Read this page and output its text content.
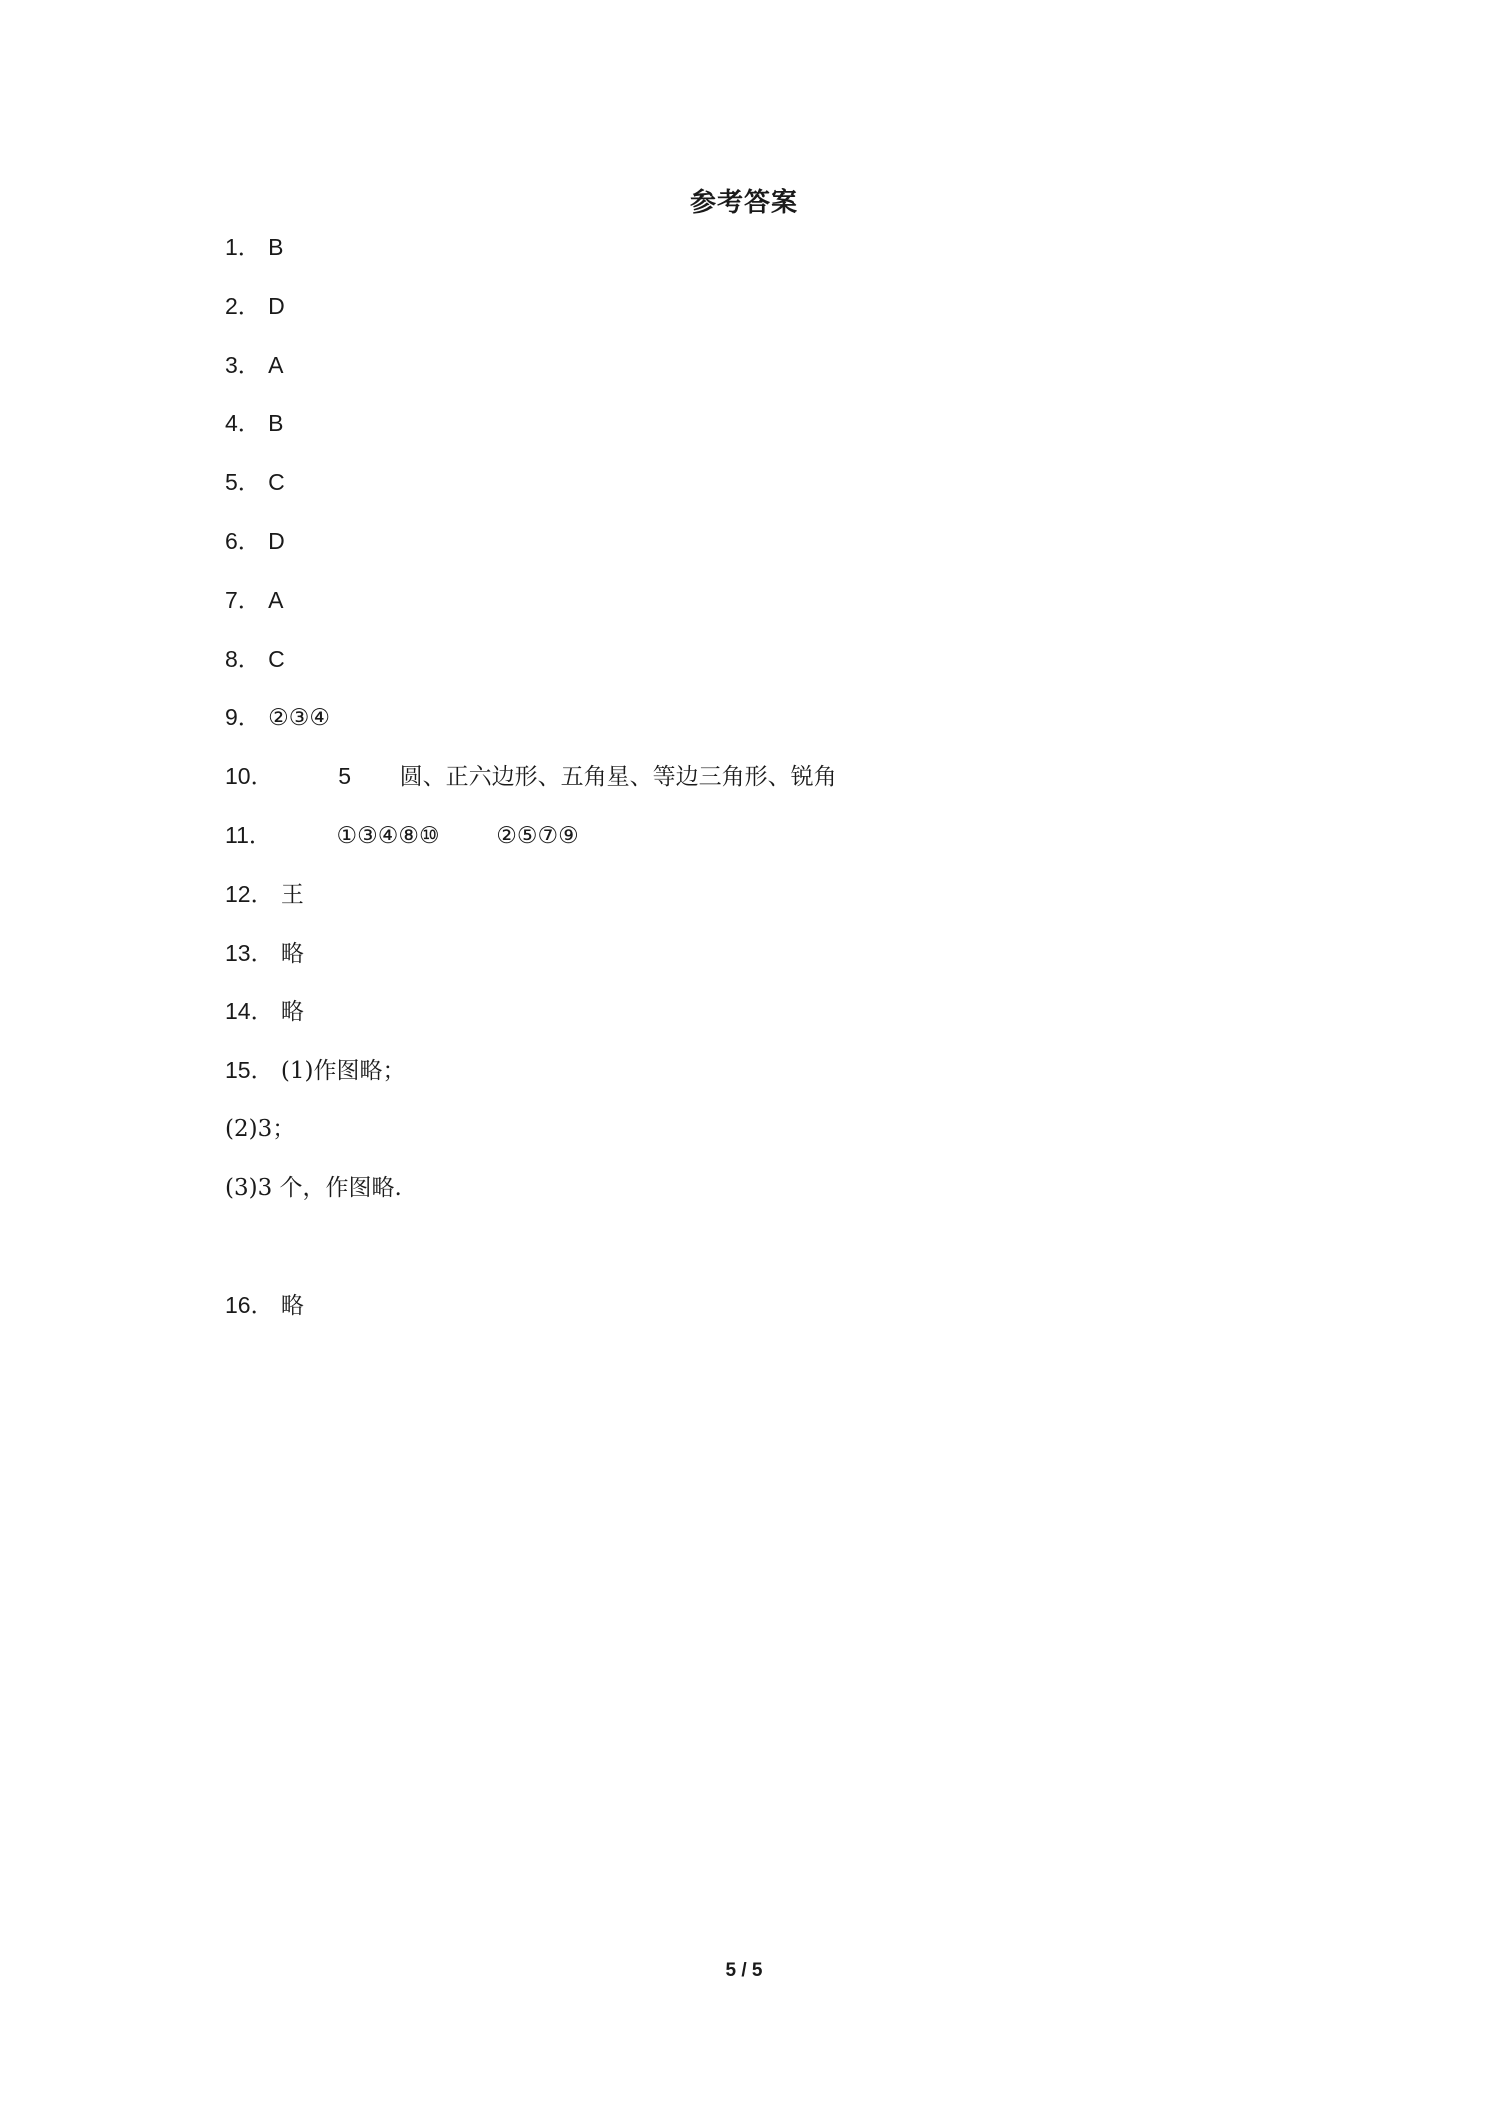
参考答案
1． B
2． D
3． A
4． B
5． C
6． D
7． A
8． C
9． ②③④
10．	5 圆、正六边形、五角星、等边三角形、锐角
11．	①③④⑧⑩ ②⑤⑦⑨
12． 王
13． 略
14． 略
15． (1)作图略；
(2)3；
(3)3 个，作图略.
16． 略
5 / 5
